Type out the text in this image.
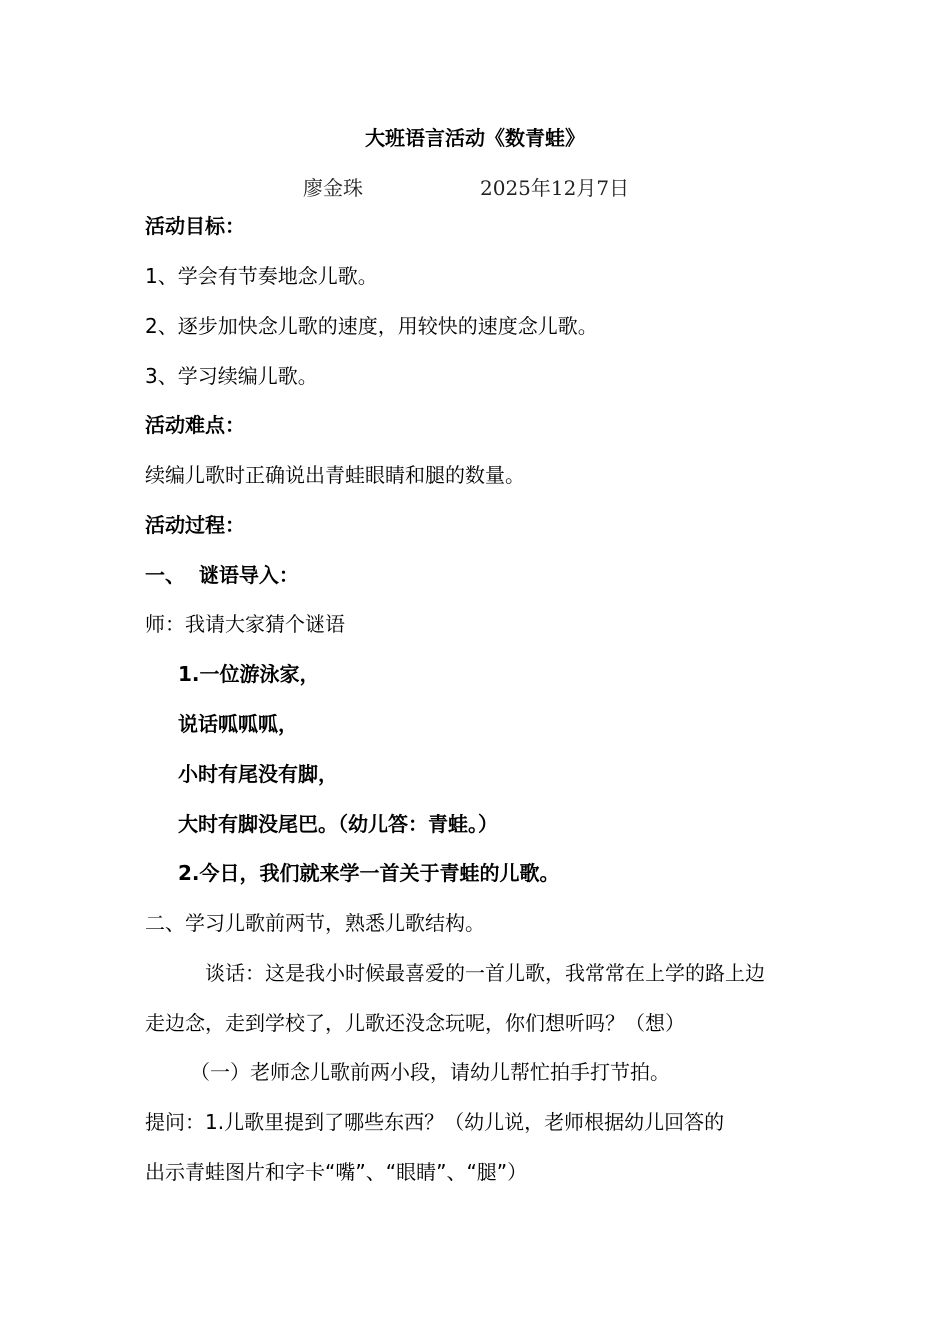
大班语言活动《数青蛙》
廖金珠	2025年12月7日
活动目标：
1、学会有节奏地念儿歌。
2、逐步加快念儿歌的速度，用较快的速度念儿歌。
3、学习续编儿歌。
活动难点：
续编儿歌时正确说出青蛙眼睛和腿的数量。
活动过程：
一、  谜语导入：
师：我请大家猜个谜语
1.一位游泳家，
说话呱呱呱，
小时有尾没有脚，
大时有脚没尾巴。（幼儿答：青蛙。）
2.今日，我们就来学一首关于青蛙的儿歌。
二、学习儿歌前两节，熟悉儿歌结构。
谈话：这是我小时候最喜爱的一首儿歌，我常常在上学的路上边
走边念，走到学校了，儿歌还没念玩呢，你们想听吗？（想）
（一）老师念儿歌前两小段，请幼儿帮忙拍手打节拍。
提问：1.儿歌里提到了哪些东西？（幼儿说，老师根据幼儿回答的
出示青蛙图片和字卡“嘴”、“眼睛”、“腿”）
